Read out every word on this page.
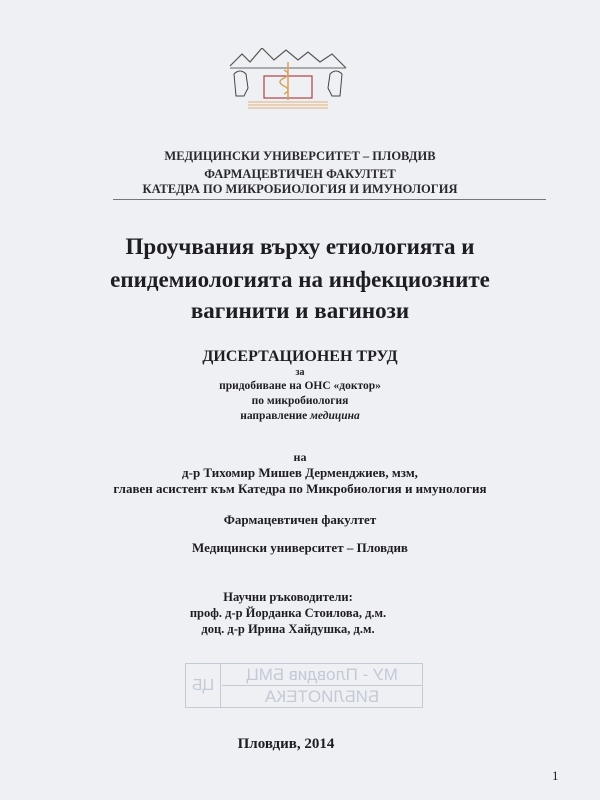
МЕДИЦИНСКИ УНИВЕРСИТЕТ – ПЛОВДИВ
ФАРМАЦЕВТИЧЕН ФАКУЛТЕТ
КАТЕДРА ПО МИКРОБИОЛОГИЯ И ИМУНОЛОГИЯ
Проучвания върху етиологията и
епидемиологията на инфекциозните
вагинити и вагинози
ДИСЕРТАЦИОНЕН ТРУД
за
придобиване на ОНС «доктор»
по микробиология
направление медицина
на
д-р Тихомир Мишев Дерменджиев, мзм,
главен асистент към Катедра по Микробиология и имунология
Фармацевтичен факултет
Медицински университет – Пловдив
Научни ръководители:
проф. д-р Йорданка Стоилова, д.м.
доц. д-р Ирина Хайдушка, д.м.
МУ - Пловдив БМЦ
БИБЛИОТЕКА
ЦБ
Пловдив, 2014
1
